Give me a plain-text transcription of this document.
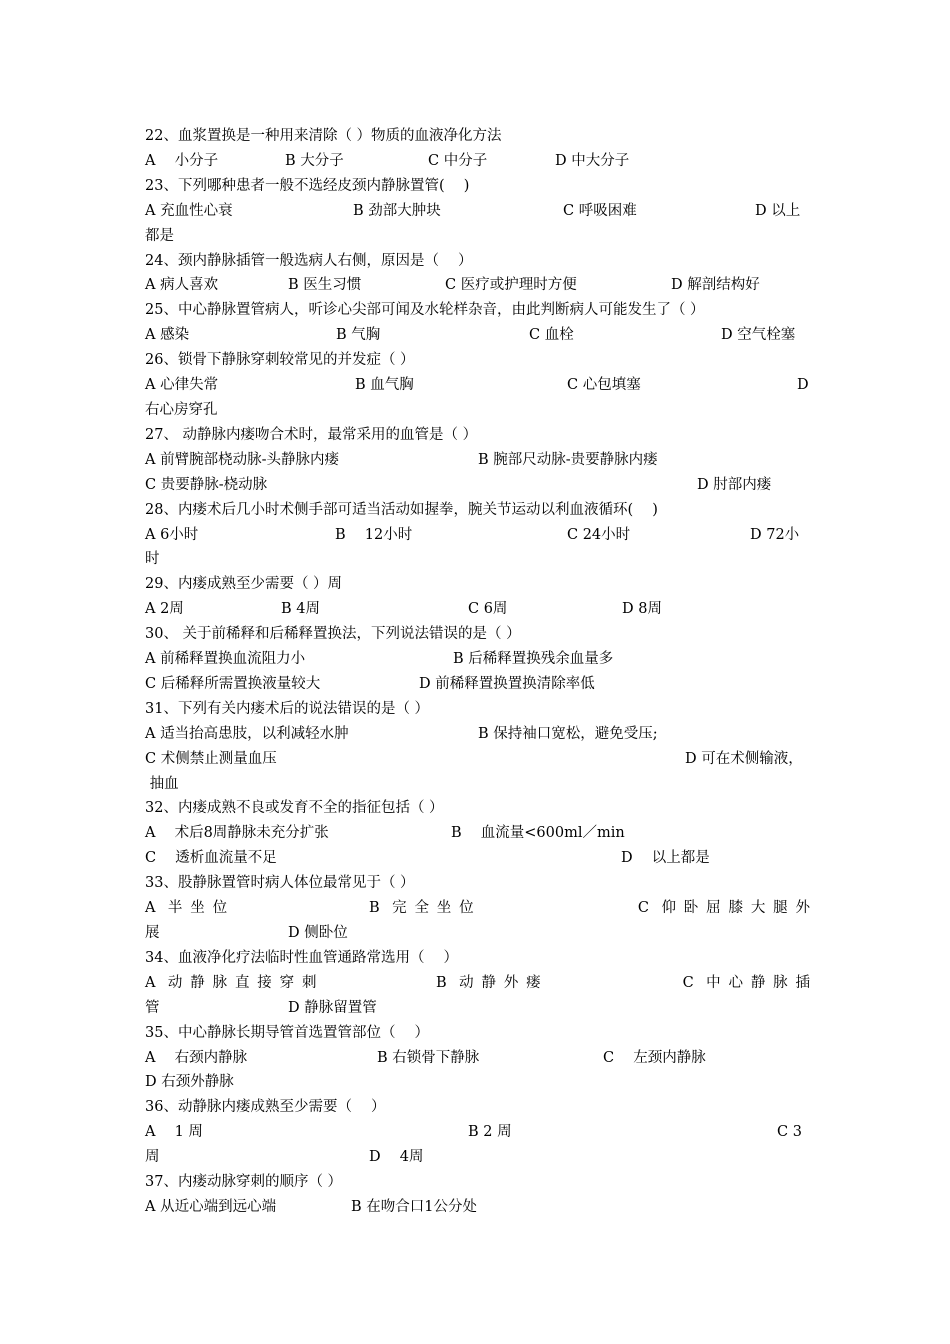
22、血浆置换是一种用来清除（ ）物质的血液净化方法

A　 小分子

	B 大分子

	C 中分子

	D 中大分子

23、下列哪种患者一般不选经皮颈内静脉置管(　 )

A 充血性心衰

	B 劲部大肿块

	C 呼吸困难

	D 以上

都是
24、颈内静脉插管一般选病人右侧，原因是（　 ）

A 病人喜欢

	B 医生习惯

	C 医疗或护理时方便

	D 解剖结构好

25、中心静脉置管病人，听诊心尖部可闻及水轮样杂音，由此判断病人可能发生了（ ）

A 感染

	B 气胸

	C 血栓

	D 空气栓塞

26、锁骨下静脉穿刺较常见的并发症（ ）

A 心律失常

	B 血气胸

	C 心包填塞

	D

右心房穿孔
27、 动静脉内瘘吻合术时，最常采用的血管是（ ）

A 前臂腕部桡动脉-头静脉内瘘

	B 腕部尺动脉-贵要静脉内瘘

C 贵要静脉-桡动脉

	D 肘部内瘘

28、内瘘术后几小时术侧手部可适当活动如握拳，腕关节运动以利血液循环(　 )

A 6小时

	B　 12小时

	C 24小时

	D 72小

时
29、内瘘成熟至少需要（ ）周

A 2周

	B 4周

	C 6周

	D 8周

30、 关于前稀释和后稀释置换法，下列说法错误的是（ ）

A 前稀释置换血流阻力小

	B 后稀释置换残余血量多

C 后稀释所需置换液量较大

	D 前稀释置换置换清除率低

31、下列有关内瘘术后的说法错误的是（ ）

A 适当抬高患肢，以利减轻水肿

	B 保持袖口宽松，避免受压;

C 术侧禁止测量血压

	D 可在术侧输液，

抽血
32、内瘘成熟不良或发育不全的指征包括（ ）

A　 术后8周静脉未充分扩张

	B　 血流量<600ml／min

C　 透析血流量不足

	D　 以上都是

33、股静脉置管时病人体位最常见于（ ）
A 半坐位　　　　　　B 完全坐位　　　　　　　C 仰卧屈膝大腿外

展

	D 侧卧位

34、血液净化疗法临时性血管通路常选用（　 ）
A 动静脉直接穿刺　　　　　B 动静外瘘　　　　　　C 中心静脉插

管

	D 静脉留置管

35、中心静脉长期导管首选置管部位（　 ）

A　 右颈内静脉

	B 右锁骨下静脉

	C　 左颈内静脉

D 右颈外静脉
36、动静脉内瘘成熟至少需要（　 ）

A　 1 周

	B 2 周

	C 3

周

	D　 4周

37、内瘘动脉穿刺的顺序（ ）

A 从近心端到远心端

	B 在吻合口1公分处
